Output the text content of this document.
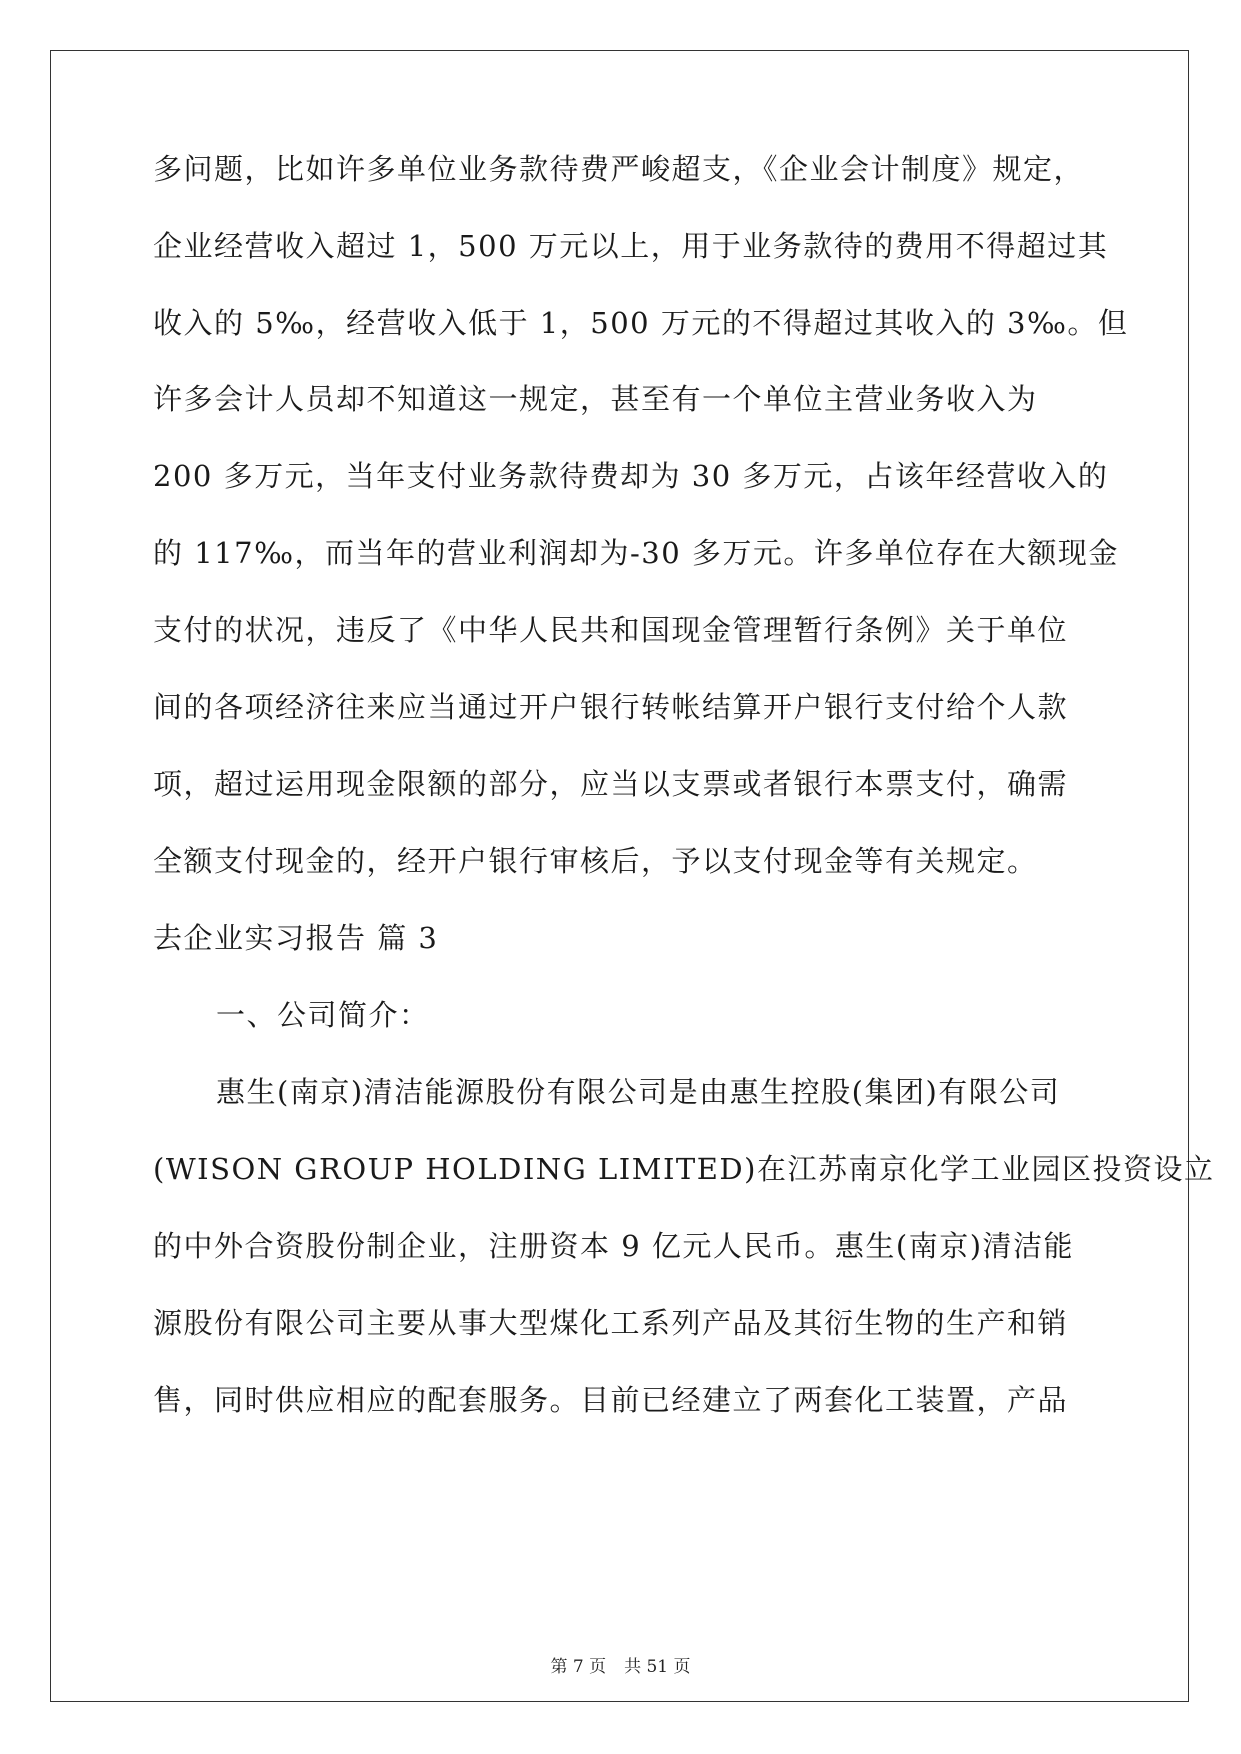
多问题，比如许多单位业务款待费严峻超支，《企业会计制度》规定，
企业经营收入超过 1，500 万元以上，用于业务款待的费用不得超过其
收入的 5‰，经营收入低于 1，500 万元的不得超过其收入的 3‰。但
许多会计人员却不知道这一规定，甚至有一个单位主营业务收入为
200 多万元，当年支付业务款待费却为 30 多万元，占该年经营收入的
的 117‰，而当年的营业利润却为-30 多万元。许多单位存在大额现金
支付的状况，违反了《中华人民共和国现金管理暂行条例》关于单位
间的各项经济往来应当通过开户银行转帐结算开户银行支付给个人款
项，超过运用现金限额的部分，应当以支票或者银行本票支付，确需
全额支付现金的，经开户银行审核后，予以支付现金等有关规定。
去企业实习报告 篇 3
一、公司简介：
惠生(南京)清洁能源股份有限公司是由惠生控股(集团)有限公司
(WISON GROUP HOLDING LIMITED)在江苏南京化学工业园区投资设立
的中外合资股份制企业，注册资本 9 亿元人民币。惠生(南京)清洁能
源股份有限公司主要从事大型煤化工系列产品及其衍生物的生产和销
售，同时供应相应的配套服务。目前已经建立了两套化工装置，产品
第 7 页 共 51 页
